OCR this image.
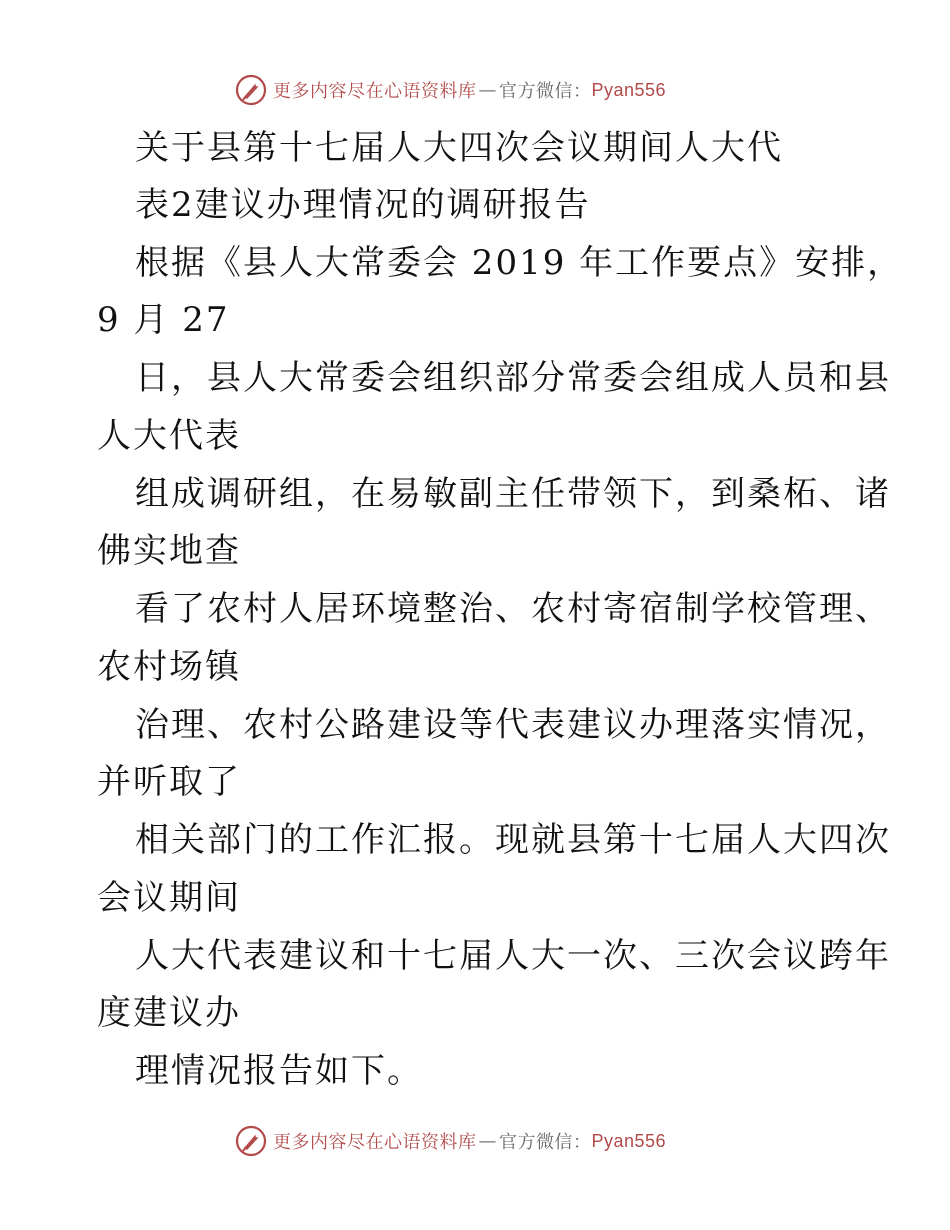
更多内容尽在心语资料库 — 官方微信： Pyan556
关于县第十七届人大四次会议期间人大代
表2建议办理情况的调研报告
根据《县人大常委会 2019 年工作要点》安排，
9 月 27
日，县人大常委会组织部分常委会组成人员和县
人大代表
组成调研组，在易敏副主任带领下，到桑柘、诸
佛实地查
看了农村人居环境整治、农村寄宿制学校管理、
农村场镇
治理、农村公路建设等代表建议办理落实情况，
并听取了
相关部门的工作汇报。现就县第十七届人大四次
会议期间
人大代表建议和十七届人大一次、三次会议跨年
度建议办
理情况报告如下。
更多内容尽在心语资料库 — 官方微信： Pyan556
